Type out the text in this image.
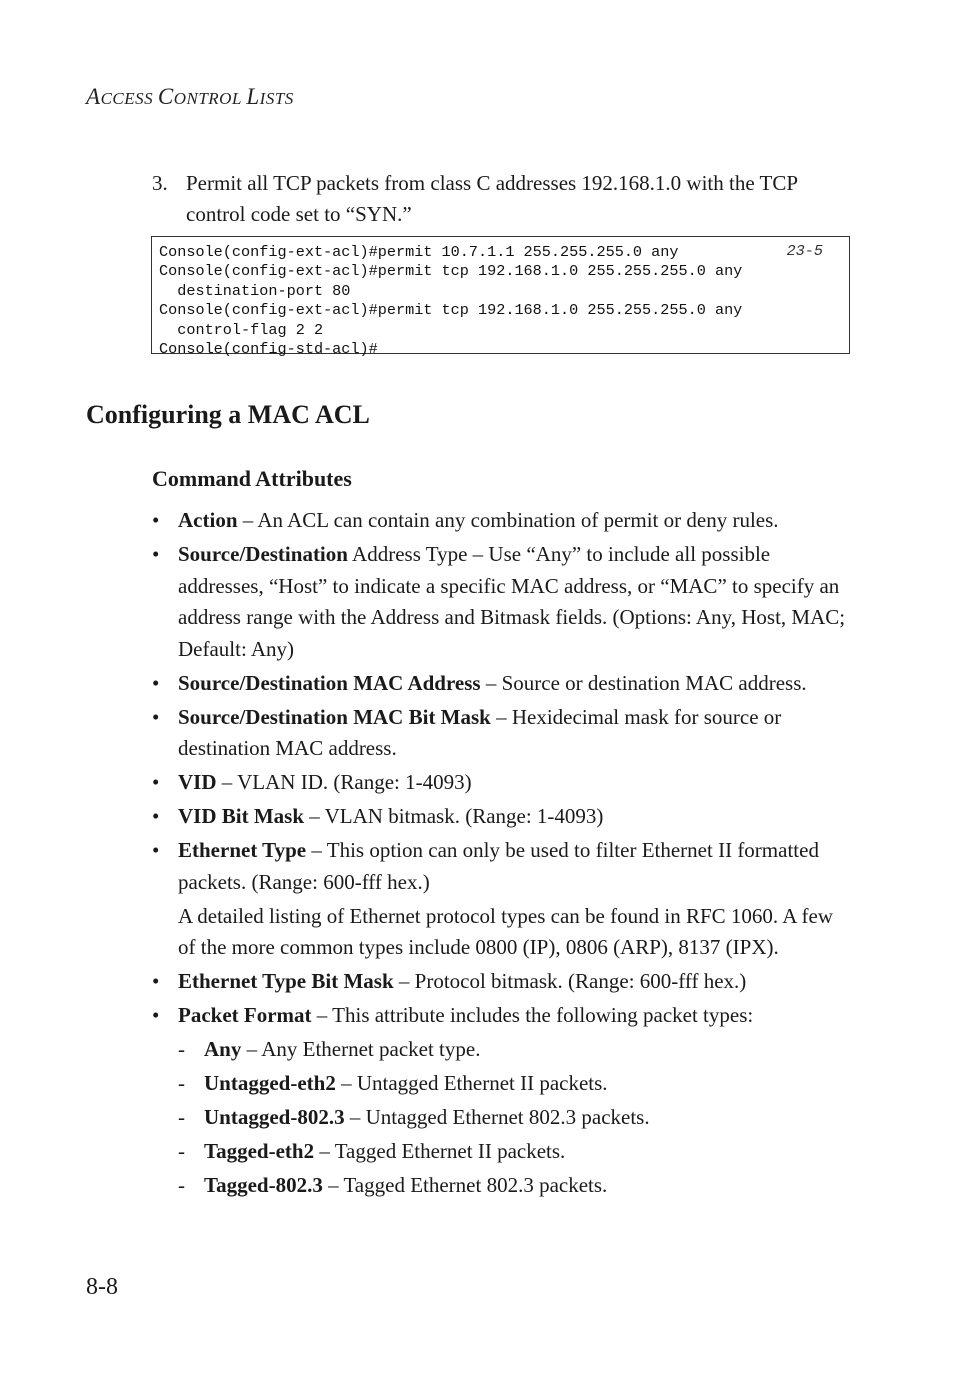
ACCESS CONTROL LISTS
3. Permit all TCP packets from class C addresses 192.168.1.0 with the TCP control code set to “SYN.”
23-5
Console(config-ext-acl)#permit 10.7.1.1 255.255.255.0 any
Console(config-ext-acl)#permit tcp 192.168.1.0 255.255.255.0 any
destination-port 80
Console(config-ext-acl)#permit tcp 192.168.1.0 255.255.255.0 any
control-flag 2 2
Console(config-std-acl)#
Configuring a MAC ACL
Command Attributes
• Action – An ACL can contain any combination of permit or deny rules.
• Source/Destination Address Type – Use “Any” to include all possible addresses, “Host” to indicate a specific MAC address, or “MAC” to specify an address range with the Address and Bitmask fields. (Options: Any, Host, MAC; Default: Any)
• Source/Destination MAC Address – Source or destination MAC address.
• Source/Destination MAC Bit Mask – Hexidecimal mask for source or destination MAC address.
• VID – VLAN ID. (Range: 1-4093)
• VID Bit Mask – VLAN bitmask. (Range: 1-4093)
• Ethernet Type – This option can only be used to filter Ethernet II formatted packets. (Range: 600-fff hex.)
A detailed listing of Ethernet protocol types can be found in RFC 1060. A few of the more common types include 0800 (IP), 0806 (ARP), 8137 (IPX).
• Ethernet Type Bit Mask – Protocol bitmask. (Range: 600-fff hex.)
• Packet Format – This attribute includes the following packet types:
- Any – Any Ethernet packet type.
- Untagged-eth2 – Untagged Ethernet II packets.
- Untagged-802.3 – Untagged Ethernet 802.3 packets.
- Tagged-eth2 – Tagged Ethernet II packets.
- Tagged-802.3 – Tagged Ethernet 802.3 packets.
8-8
